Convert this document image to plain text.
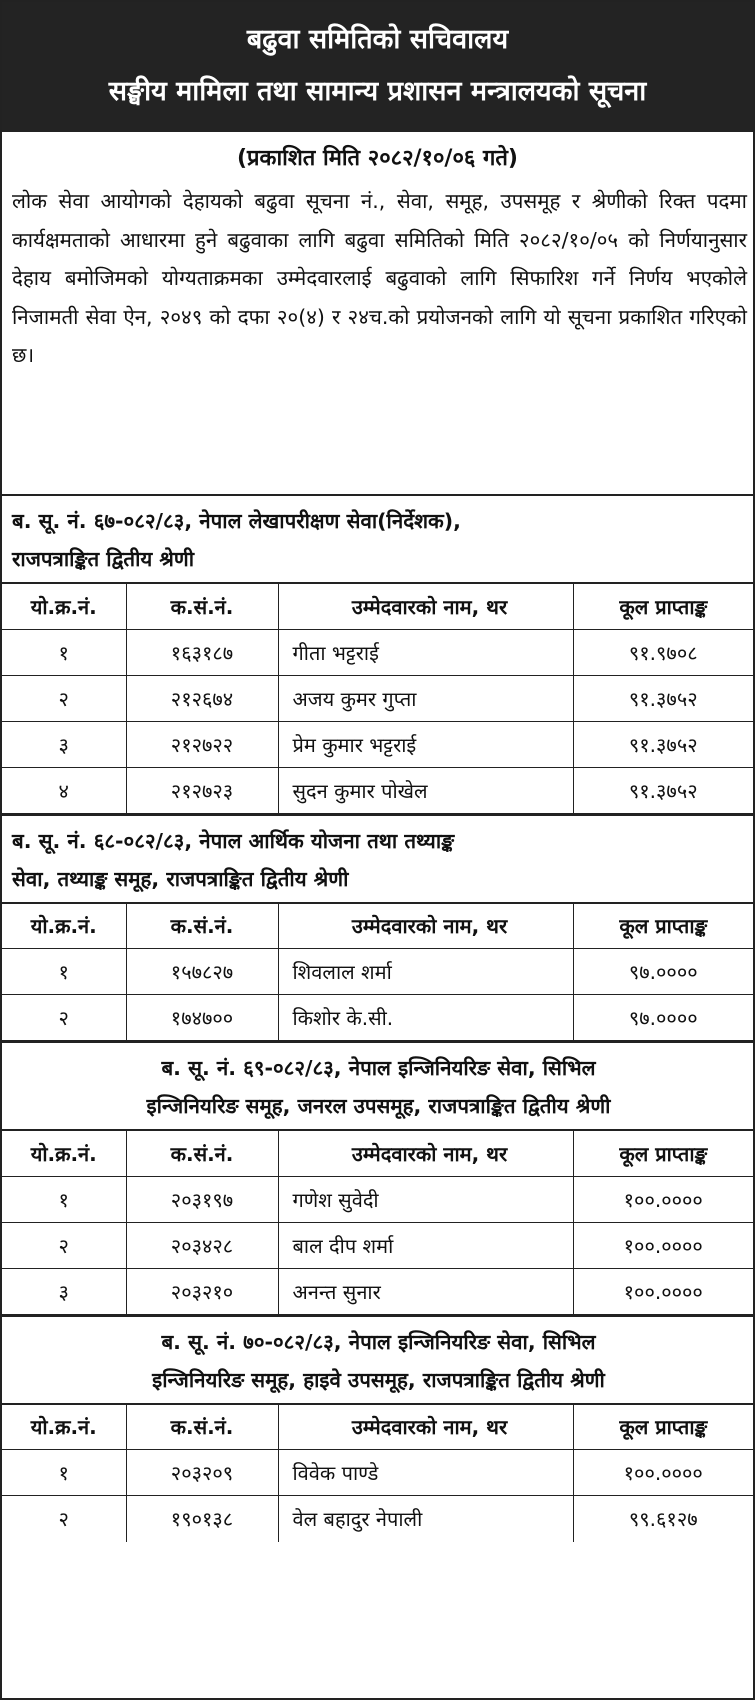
बढुवा समितिको सचिवालय
सङ्घीय मामिला तथा सामान्य प्रशासन मन्त्रालयको सूचना
(प्रकाशित मिति २०८२/१०/०६ गते)
लोक सेवा आयोगको देहायको बढुवा सूचना नं., सेवा, समूह, उपसमूह र श्रेणीको रिक्त पदमा कार्यक्षमताको आधारमा हुने बढुवाका लागि बढुवा समितिको मिति २०८२/१०/०५ को निर्णयानुसार देहाय बमोजिमको योग्यताक्रमका उम्मेदवारलाई बढुवाको लागि सिफारिश गर्ने निर्णय भएकोले निजामती सेवा ऐन, २०४९ को दफा २०(४) र २४च.को प्रयोजनको लागि यो सूचना प्रकाशित गरिएको छ।
ब. सू. नं. ६७-०८२/८३, नेपाल लेखापरीक्षण सेवा(निर्देशक),
राजपत्राङ्कित द्वितीय श्रेणी
यो.क्र.नं.	क.सं.नं.	उम्मेदवारको नाम, थर	कूल प्राप्ताङ्क
१	१६३१८७	गीता भट्टराई	९१.९७०८
२	२१२६७४	अजय कुमर गुप्ता	९१.३७५२
३	२१२७२२	प्रेम कुमार भट्टराई	९१.३७५२
४	२१२७२३	सुदन कुमार पोखेल	९१.३७५२
ब. सू. नं. ६८-०८२/८३, नेपाल आर्थिक योजना तथा तथ्याङ्क
सेवा, तथ्याङ्क समूह, राजपत्राङ्कित द्वितीय श्रेणी
यो.क्र.नं.	क.सं.नं.	उम्मेदवारको नाम, थर	कूल प्राप्ताङ्क
१	१५७८२७	शिवलाल शर्मा	९७.००००
२	१७४७००	किशोर के.सी.	९७.००००
ब. सू. नं. ६९-०८२/८३, नेपाल इन्जिनियरिङ सेवा, सिभिल
इन्जिनियरिङ समूह, जनरल उपसमूह, राजपत्राङ्कित द्वितीय श्रेणी
यो.क्र.नं.	क.सं.नं.	उम्मेदवारको नाम, थर	कूल प्राप्ताङ्क
१	२०३१९७	गणेश सुवेदी	१००.००००
२	२०३४२८	बाल दीप शर्मा	१००.००००
३	२०३२१०	अनन्त सुनार	१००.००००
ब. सू. नं. ७०-०८२/८३, नेपाल इन्जिनियरिङ सेवा, सिभिल
इन्जिनियरिङ समूह, हाइवे उपसमूह, राजपत्राङ्कित द्वितीय श्रेणी
यो.क्र.नं.	क.सं.नं.	उम्मेदवारको नाम, थर	कूल प्राप्ताङ्क
१	२०३२०९	विवेक पाण्डे	१००.००००
२	१९०१३८	वेल बहादुर नेपाली	९९.६१२७
